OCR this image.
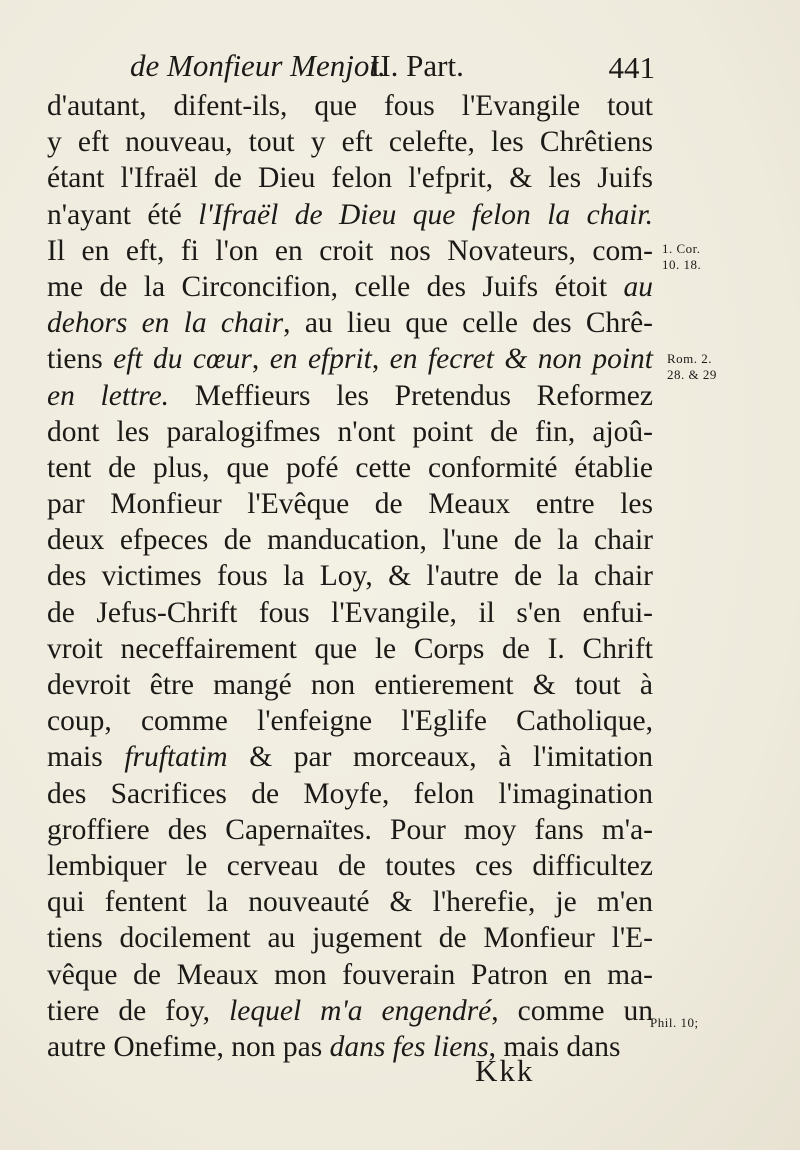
de Monfieur Menjot.
II. Part.	441
d'autant, difent-ils, que fous l'Evangile tout
y eft nouveau, tout y eft celefte, les Chrêtiens
étant l'Ifraël de Dieu felon l'efprit, & les Juifs
n'ayant été l'Ifraël de Dieu que felon la chair.
Il en eft, fi l'on en croit nos Novateurs, com-
me de la Circoncifion, celle des Juifs étoit au
dehors en la chair, au lieu que celle des Chrê-
tiens eft du cœur, en efprit, en fecret & non point
en lettre. Meffieurs les Pretendus Reformez
dont les paralogifmes n'ont point de fin, ajoû-
tent de plus, que pofé cette conformité établie
par Monfieur l'Evêque de Meaux entre les
deux efpeces de manducation, l'une de la chair
des victimes fous la Loy, & l'autre de la chair
de Jefus-Chrift fous l'Evangile, il s'en enfui-
vroit neceffairement que le Corps de I. Chrift
devroit être mangé non entierement & tout à
coup, comme l'enfeigne l'Eglife Catholique,
mais fruftatim & par morceaux, à l'imitation
des Sacrifices de Moyfe, felon l'imagination
groffiere des Capernaïtes. Pour moy fans m'a-
lembiquer le cerveau de toutes ces difficultez
qui fentent la nouveauté & l'herefie, je m'en
tiens docilement au jugement de Monfieur l'E-
vêque de Meaux mon fouverain Patron en ma-
tiere de foy, lequel m'a engendré, comme un
autre Onefime, non pas dans fes liens, mais dans
1. Cor.
10. 18.
Rom. 2.
28. & 29
Phil. 10;
Kkk
